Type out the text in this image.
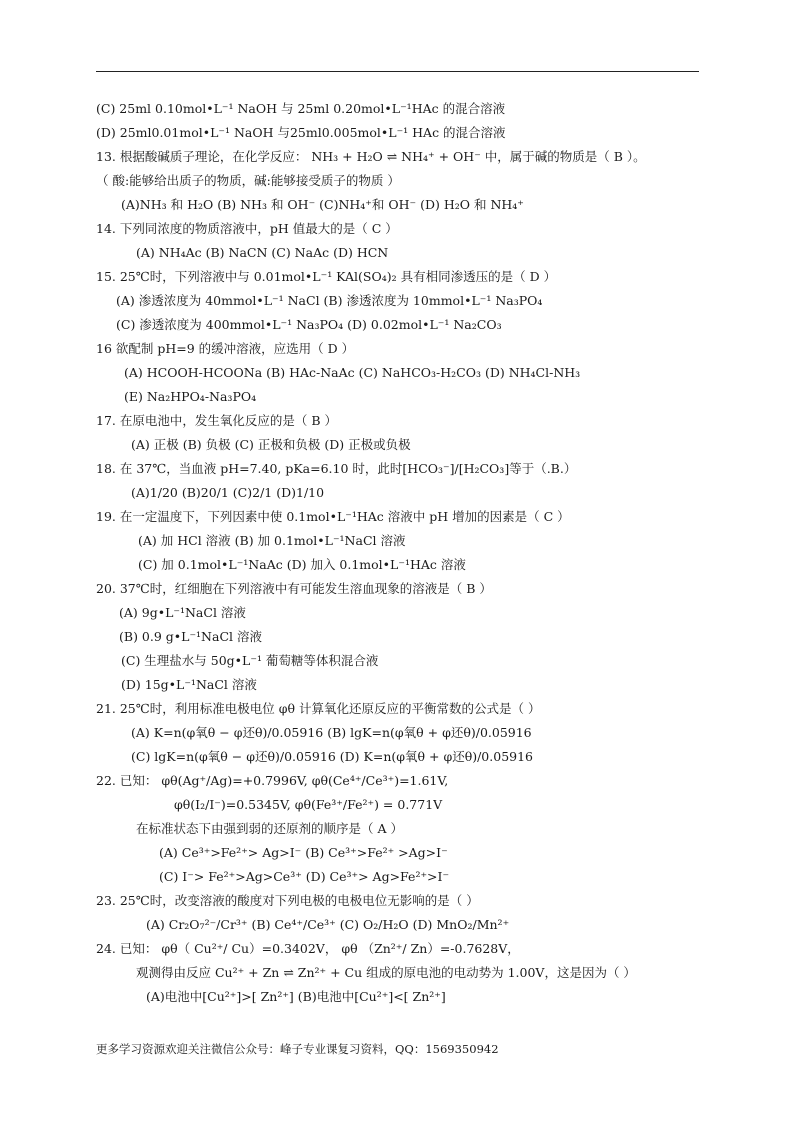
(C) 25ml 0.10mol•L⁻¹ NaOH 与 25ml 0.20mol•L⁻¹HAc 的混合溶液
(D) 25ml0.01mol•L⁻¹ NaOH 与25ml0.005mol•L⁻¹ HAc 的混合溶液
13. 根据酸碱质子理论，在化学反应： NH₃ + H₂O ⇌ NH₄⁺ + OH⁻ 中，属于碱的物质是（ B ）。
（ 酸:能够给出质子的物质，碱:能够接受质子的物质 ）
(A)NH₃ 和 H₂O (B) NH₃ 和 OH⁻ (C)NH₄⁺和 OH⁻ (D) H₂O 和 NH₄⁺
14. 下列同浓度的物质溶液中，pH 值最大的是（ C ）
(A) NH₄Ac (B) NaCN (C) NaAc (D) HCN
15. 25℃时，下列溶液中与 0.01mol•L⁻¹ KAl(SO₄)₂ 具有相同渗透压的是（ D ）
(A) 渗透浓度为 40mmol•L⁻¹ NaCl (B) 渗透浓度为 10mmol•L⁻¹ Na₃PO₄
(C) 渗透浓度为 400mmol•L⁻¹ Na₃PO₄ (D) 0.02mol•L⁻¹ Na₂CO₃
16 欲配制 pH=9 的缓冲溶液，应选用（ D ）
(A) HCOOH-HCOONa (B) HAc-NaAc (C) NaHCO₃-H₂CO₃ (D) NH₄Cl-NH₃
(E) Na₂HPO₄-Na₃PO₄
17. 在原电池中，发生氧化反应的是（ B ）
(A) 正极 (B) 负极 (C) 正极和负极 (D) 正极或负极
18. 在 37℃，当血液 pH=7.40, pKa=6.10 时，此时[HCO₃⁻]/[H₂CO₃]等于（.B.）
(A)1/20 (B)20/1 (C)2/1 (D)1/10
19. 在一定温度下，下列因素中使 0.1mol•L⁻¹HAc 溶液中 pH 增加的因素是（ C ）
(A) 加 HCl 溶液 (B) 加 0.1mol•L⁻¹NaCl 溶液
(C) 加 0.1mol•L⁻¹NaAc (D) 加入 0.1mol•L⁻¹HAc 溶液
20. 37℃时，红细胞在下列溶液中有可能发生溶血现象的溶液是（ B ）
(A) 9g•L⁻¹NaCl 溶液
(B) 0.9 g•L⁻¹NaCl 溶液
(C) 生理盐水与 50g•L⁻¹ 葡萄糖等体积混合液
(D) 15g•L⁻¹NaCl 溶液
21. 25℃时，利用标准电极电位 φθ 计算氧化还原反应的平衡常数的公式是（ ）
(A) K=n(φ氧θ − φ还θ)/0.05916 (B) lgK=n(φ氧θ + φ还θ)/0.05916
(C) lgK=n(φ氧θ − φ还θ)/0.05916 (D) K=n(φ氧θ + φ还θ)/0.05916
22. 已知： φθ(Ag⁺/Ag)=+0.7996V, φθ(Ce⁴⁺/Ce³⁺)=1.61V,
φθ(I₂/I⁻)=0.5345V, φθ(Fe³⁺/Fe²⁺) = 0.771V
在标准状态下由强到弱的还原剂的顺序是（ A ）
(A) Ce³⁺>Fe²⁺> Ag>I⁻ (B) Ce³⁺>Fe²⁺ >Ag>I⁻
(C) I⁻> Fe²⁺>Ag>Ce³⁺ (D) Ce³⁺> Ag>Fe²⁺>I⁻
23. 25℃时，改变溶液的酸度对下列电极的电极电位无影响的是（ ）
(A) Cr₂O₇²⁻/Cr³⁺ (B) Ce⁴⁺/Ce³⁺ (C) O₂/H₂O (D) MnO₂/Mn²⁺
24. 已知： φθ（ Cu²⁺/ Cu）=0.3402V， φθ （Zn²⁺/ Zn）=-0.7628V，
观测得由反应 Cu²⁺ + Zn ⇌ Zn²⁺ + Cu 组成的原电池的电动势为 1.00V，这是因为（ ）
(A)电池中[Cu²⁺]>[ Zn²⁺] (B)电池中[Cu²⁺]<[ Zn²⁺]
更多学习资源欢迎关注微信公众号：峰子专业课复习资料，QQ：1569350942
